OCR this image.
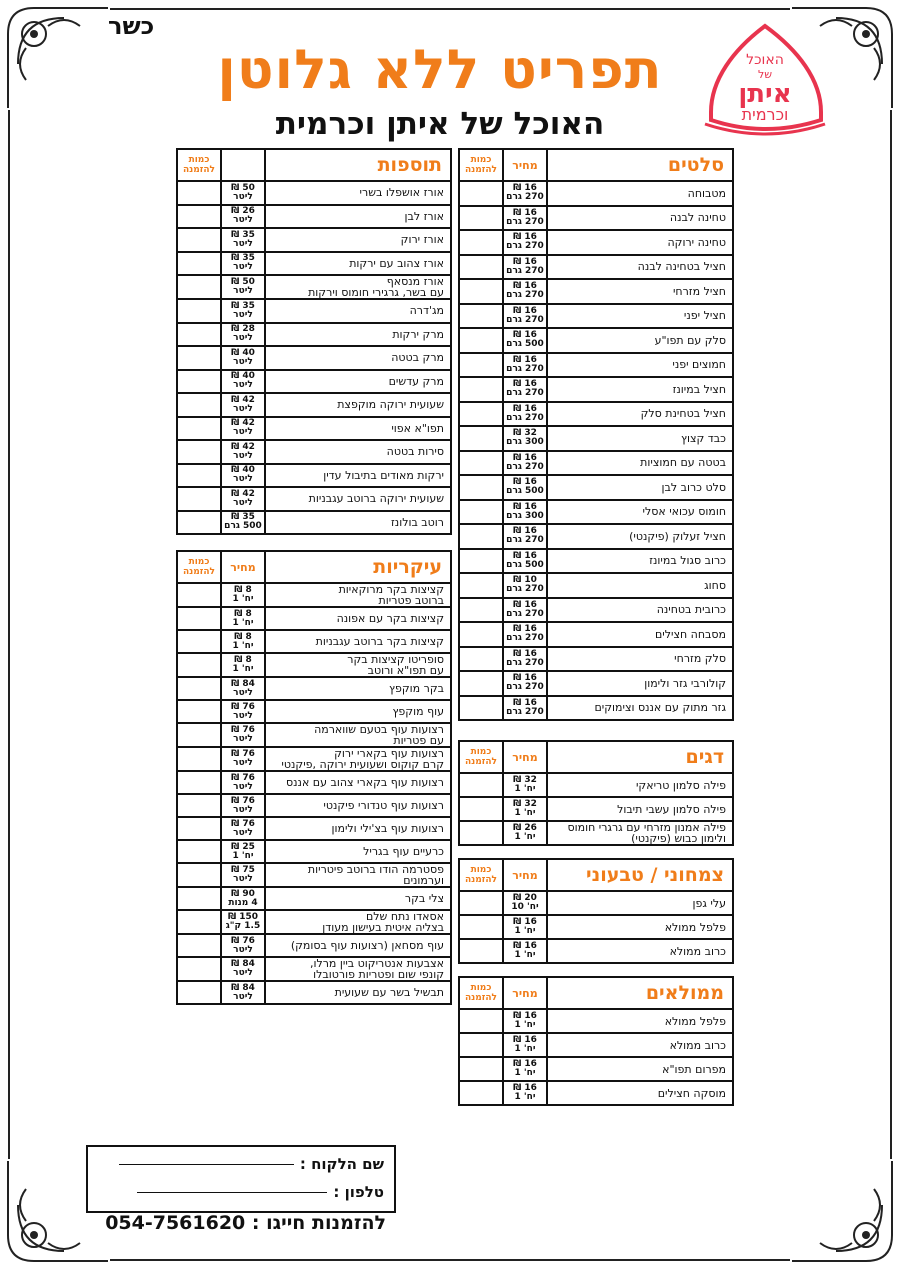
כשר
תפריט ללא גלוטן
האוכל של איתן וכרמית
האוכל
של
איתן
וכרמית
סלטים	מחיר	כמות
להזמנה
מטבוחה	16 ₪
270 גרם	
טחינה לבנה	16 ₪
270 גרם	
טחינה ירוקה	16 ₪
270 גרם	
חציל בטחינה לבנה	16 ₪
270 גרם	
חציל מזרחי	16 ₪
270 גרם	
חציל יפני	16 ₪
270 גרם	
סלק עם תפו"ע	16 ₪
500 גרם	
חמוצים יפני	16 ₪
270 גרם	
חציל במיונז	16 ₪
270 גרם	
חציל בטחינת סלק	16 ₪
270 גרם	
כבד קצוץ	32 ₪
300 גרם	
בטטה עם חמוציות	16 ₪
270 גרם	
סלט כרוב לבן	16 ₪
500 גרם	
חומוס עכואי אסלי	16 ₪
300 גרם	
חציל זעלוק (פיקנטי)	16 ₪
270 גרם	
כרוב סגול במיונז	16 ₪
500 גרם	
סחוג	10 ₪
270 גרם	
כרובית בטחינה	16 ₪
270 גרם	
מסבחה חצילים	16 ₪
270 גרם	
סלק מזרחי	16 ₪
270 גרם	
קולורבי גזר ולימון	16 ₪
270 גרם	
גזר מתוק עם אננס וצימוקים	16 ₪
270 גרם	
תוספות		כמות
להזמנה
אורז אושפלו בשרי	50 ₪
ליטר	
אורז לבן	26 ₪
ליטר	
אורז ירוק	35 ₪
ליטר	
אורז צהוב עם ירקות	35 ₪
ליטר	
אורז מנסאף
עם בשר, גרגירי חומוס וירקות	50 ₪
ליטר	
מג'דרה	35 ₪
ליטר	
מרק ירקות	28 ₪
ליטר	
מרק בטטה	40 ₪
ליטר	
מרק עדשים	40 ₪
ליטר	
שעועית ירוקה מוקפצת	42 ₪
ליטר	
תפו"א אפוי	42 ₪
ליטר	
סירות בטטה	42 ₪
ליטר	
ירקות מאודים בתיבול עדין	40 ₪
ליטר	
שעועית ירוקה ברוטב עגבניות	42 ₪
ליטר	
רוטב בולונז	35 ₪
500 גרם	
עיקריות	מחיר	כמות
להזמנה
קציצות בקר מרוקאיות
ברוטב פטריות	8 ₪
יח' 1	
קציצות בקר עם אפונה	8 ₪
יח' 1	
קציצות בקר ברוטב עגבניות	8 ₪
יח' 1	
סופריטו קציצות בקר
עם תפו"א ורוטב	8 ₪
יח' 1	
בקר מוקפץ	84 ₪
ליטר	
עוף מוקפץ	76 ₪
ליטר	
רצועות עוף בטעם שווארמה
עם פטריות	76 ₪
ליטר	
רצועות עוף בקארי ירוק
קרם קוקוס ושעועית ירוקה ,פיקנטי	76 ₪
ליטר	
רצועות עוף בקארי צהוב עם אננס	76 ₪
ליטר	
רצועות עוף טנדורי פיקנטי	76 ₪
ליטר	
רצועות עוף בצ'ילי ולימון	76 ₪
ליטר	
כרעיים עוף בגריל	25 ₪
יח' 1	
פסטרמה הודו ברוטב פיטריות
וערמונים	75 ₪
ליטר	
צלי בקר	90 ₪
4 מנות	
אסאדו נתח שלם
בצליה איטית בעישון מעודן	150 ₪
1.5 ק"ג	
עוף מסחאן (רצועות עוף בסומק)	76 ₪
ליטר	
אצבעות אנטריקוט ביין מרלו,
קונפי שום ופטריות פורטובלו	84 ₪
ליטר	
תבשיל בשר עם שעועית	84 ₪
ליטר	
דגים	מחיר	כמות
להזמנה
פילה סלמון טריאקי	32 ₪
יח' 1	
פילה סלמון עשבי תיבול	32 ₪
יח' 1	
פילה אמנון מזרחי עם גרגרי חומוס
ולימון כבוש (פיקנטי)	26 ₪
יח' 1	
צמחוני / טבעוני	מחיר	כמות
להזמנה
עלי גפן	20 ₪
יח' 10	
פלפל ממולא	16 ₪
יח' 1	
כרוב ממולא	16 ₪
יח' 1	
ממולאים	מחיר	כמות
להזמנה
פלפל ממולא	16 ₪
יח' 1	
כרוב ממולא	16 ₪
יח' 1	
מפרום תפו"א	16 ₪
יח' 1	
מוסקה חצילים	16 ₪
יח' 1	
שם הלקוח :
טלפון :
להזמנות חייגו : 054-7561620
